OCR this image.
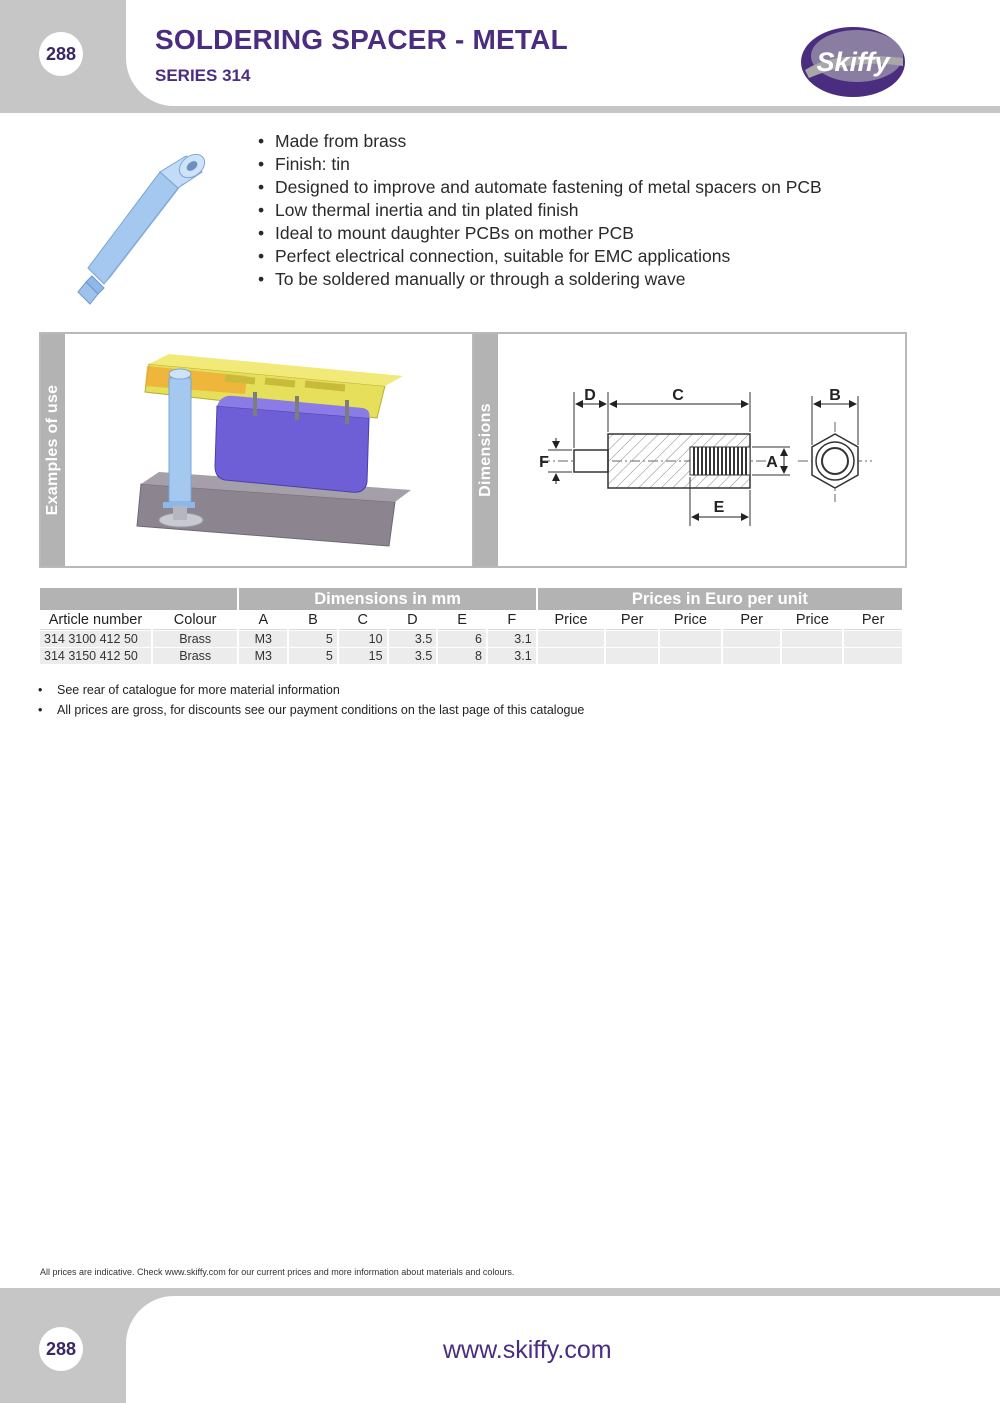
288	SOLDERING SPACER - METAL
SERIES 314	Skiffy
• Made from brass
• Finish: tin
• Designed to improve and automate fastening of metal spacers on PCB
• Low thermal inertia and tin plated finish
• Ideal to mount daughter PCBs on mother PCB
• Perfect electrical connection, suitable for EMC applications
• To be soldered manually or through a soldering wave
Examples of use	Dimensions
D	C
F	A
E
B
		Dimensions in mm						Prices in Euro per unit					
Article number	Colour	A	B	C	D	E	F	Price	Per	Price	Per	Price	Per
314 3100 412 50	Brass	M3	5	10	3.5	6	3.1						
314 3150 412 50	Brass	M3	5	15	3.5	8	3.1						
• See rear of catalogue for more material information
• All prices are gross, for discounts see our payment conditions on the last page of this catalogue
All prices are indicative. Check www.skiffy.com for our current prices and more information about materials and colours.
288	www.skiffy.com
